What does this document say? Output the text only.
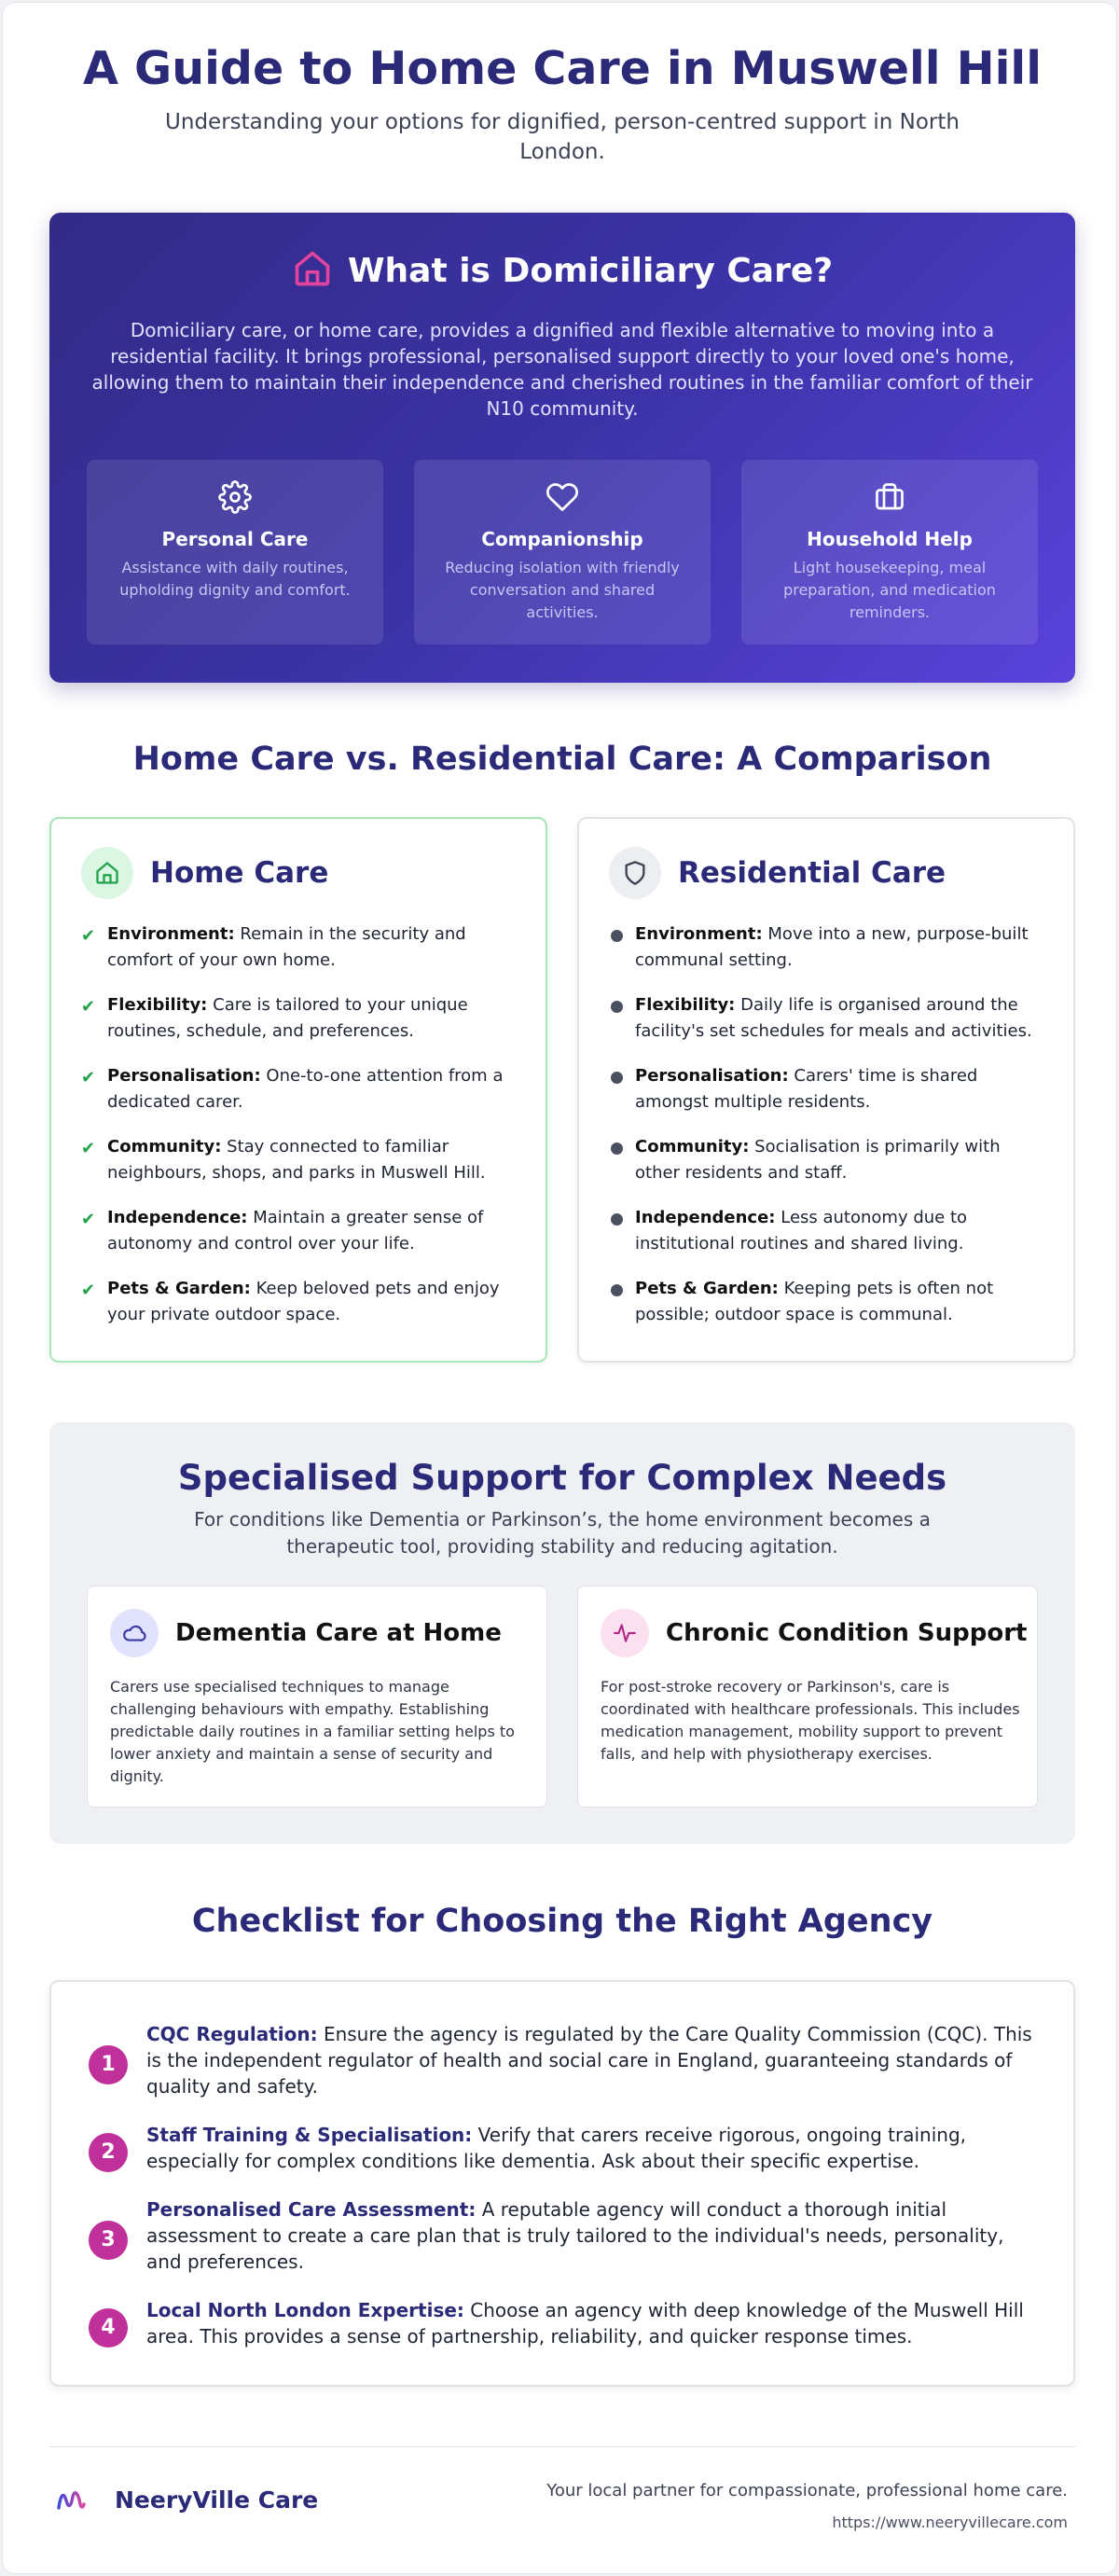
A Guide to Home Care in Muswell Hill

Understanding your options for dignified, person-centred support in North London.

What is Domiciliary Care?

Domiciliary care, or home care, provides a dignified and flexible alternative to moving into a residential facility. It brings professional, personalised support directly to your loved one's home, allowing them to maintain their independence and cherished routines in the familiar comfort of their N10 community.

Personal Care
Assistance with daily routines, upholding dignity and comfort.
Companionship
Reducing isolation with friendly conversation and shared activities.
Household Help
Light housekeeping, meal preparation, and medication reminders.
Home Care vs. Residential Care: A Comparison
Home Care
✔ Environment: Remain in the security and comfort of your own home.
✔ Flexibility: Care is tailored to your unique routines, schedule, and preferences.
✔ Personalisation: One-to-one attention from a dedicated carer.
✔ Community: Stay connected to familiar neighbours, shops, and parks in Muswell Hill.
✔ Independence: Maintain a greater sense of autonomy and control over your life.
✔ Pets & Garden: Keep beloved pets and enjoy your private outdoor space.
Residential Care
Environment: Move into a new, purpose-built communal setting.
Flexibility: Daily life is organised around the facility's set schedules for meals and activities.
Personalisation: Carers' time is shared amongst multiple residents.
Community: Socialisation is primarily with other residents and staff.
Independence: Less autonomy due to institutional routines and shared living.
Pets & Garden: Keeping pets is often not possible; outdoor space is communal.
Specialised Support for Complex Needs

For conditions like Dementia or Parkinson’s, the home environment becomes a therapeutic tool, providing stability and reducing agitation.

Dementia Care at Home

Carers use specialised techniques to manage challenging behaviours with empathy. Establishing predictable daily routines in a familiar setting helps to lower anxiety and maintain a sense of security and dignity.

Chronic Condition Support

For post-stroke recovery or Parkinson's, care is coordinated with healthcare professionals. This includes medication management, mobility support to prevent falls, and help with physiotherapy exercises.

Checklist for Choosing the Right Agency
1
CQC Regulation: Ensure the agency is regulated by the Care Quality Commission (CQC). This is the independent regulator of health and social care in England, guaranteeing standards of quality and safety.
2
Staff Training & Specialisation: Verify that carers receive rigorous, ongoing training, especially for complex conditions like dementia. Ask about their specific expertise.
3
Personalised Care Assessment: A reputable agency will conduct a thorough initial assessment to create a care plan that is truly tailored to the individual's needs, personality, and preferences.
4
Local North London Expertise: Choose an agency with deep knowledge of the Muswell Hill area. This provides a sense of partnership, reliability, and quicker response times.
NeeryVille Care	Your local partner for compassionate, professional home care.
https://www.neeryvillecare.com
